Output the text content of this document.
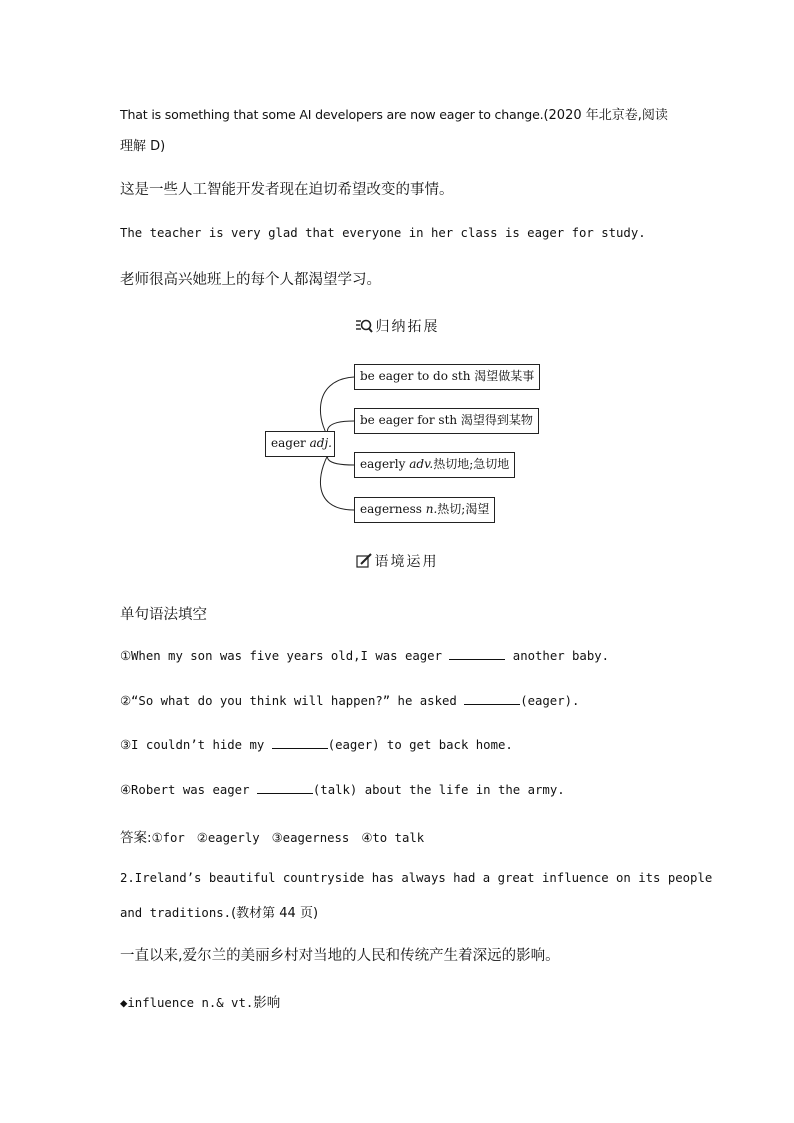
That is something that some AI developers are now eager to change.(2020 年北京卷,阅读
理解 D)
这是一些人工智能开发者现在迫切希望改变的事情。
The teacher is very glad that everyone in her class is eager for study.
老师很高兴她班上的每个人都渴望学习。
归纳拓展
eager adj.
be eager to do sth 渴望做某事
be eager for sth 渴望得到某物
eagerly adv.热切地;急切地
eagerness n.热切;渴望
语境运用
单句语法填空
①When my son was five years old,I was eager	another baby.
②“So what do you think will happen?” he asked	(eager).
③I couldn’t hide my	(eager) to get back home.
④Robert was eager	(talk) about the life in the army.
答案:①for ②eagerly ③eagerness ④to talk
2.Ireland’s beautiful countryside has always had a great influence on its people
and traditions.(教材第 44 页)
一直以来,爱尔兰的美丽乡村对当地的人民和传统产生着深远的影响。
◆influence n.& vt.影响
